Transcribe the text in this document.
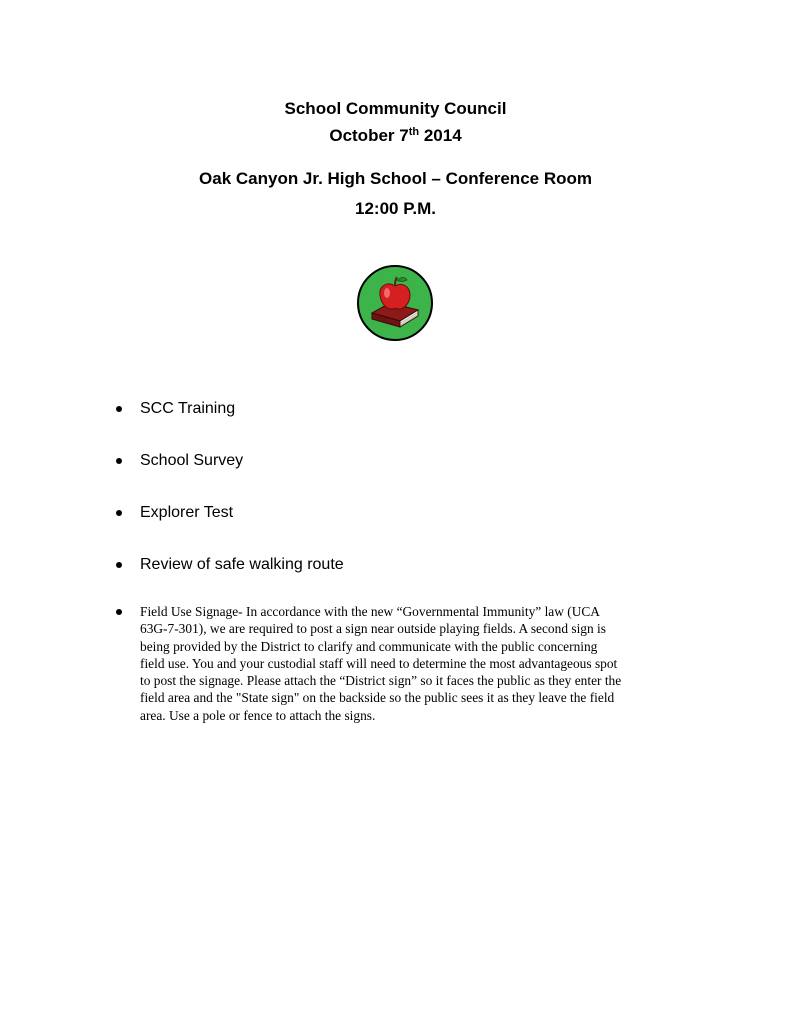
School Community Council
October 7th 2014
Oak Canyon Jr. High School – Conference Room
12:00 P.M.
SCC Training
School Survey
Explorer Test
Review of safe walking route
Field Use Signage- In accordance with the new “Governmental Immunity” law (UCA
63G-7-301), we are required to post a sign near outside playing fields. A second sign is
being provided by the District to clarify and communicate with the public concerning
field use. You and your custodial staff will need to determine the most advantageous spot
to post the signage. Please attach the “District sign” so it faces the public as they enter the
field area and the "State sign" on the backside so the public sees it as they leave the field
area. Use a pole or fence to attach the signs.
